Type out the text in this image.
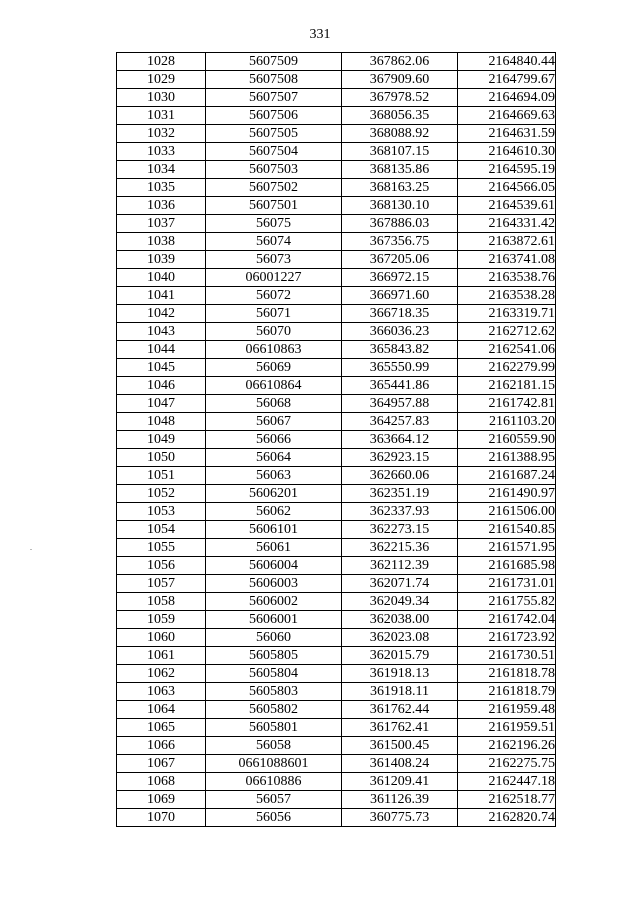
331
1028	5607509	367862.06	2164840.44
1029	5607508	367909.60	2164799.67
1030	5607507	367978.52	2164694.09
1031	5607506	368056.35	2164669.63
1032	5607505	368088.92	2164631.59
1033	5607504	368107.15	2164610.30
1034	5607503	368135.86	2164595.19
1035	5607502	368163.25	2164566.05
1036	5607501	368130.10	2164539.61
1037	56075	367886.03	2164331.42
1038	56074	367356.75	2163872.61
1039	56073	367205.06	2163741.08
1040	06001227	366972.15	2163538.76
1041	56072	366971.60	2163538.28
1042	56071	366718.35	2163319.71
1043	56070	366036.23	2162712.62
1044	06610863	365843.82	2162541.06
1045	56069	365550.99	2162279.99
1046	06610864	365441.86	2162181.15
1047	56068	364957.88	2161742.81
1048	56067	364257.83	2161103.20
1049	56066	363664.12	2160559.90
1050	56064	362923.15	2161388.95
1051	56063	362660.06	2161687.24
1052	5606201	362351.19	2161490.97
1053	56062	362337.93	2161506.00
1054	5606101	362273.15	2161540.85
1055	56061	362215.36	2161571.95
1056	5606004	362112.39	2161685.98
1057	5606003	362071.74	2161731.01
1058	5606002	362049.34	2161755.82
1059	5606001	362038.00	2161742.04
1060	56060	362023.08	2161723.92
1061	5605805	362015.79	2161730.51
1062	5605804	361918.13	2161818.78
1063	5605803	361918.11	2161818.79
1064	5605802	361762.44	2161959.48
1065	5605801	361762.41	2161959.51
1066	56058	361500.45	2162196.26
1067	0661088601	361408.24	2162275.75
1068	06610886	361209.41	2162447.18
1069	56057	361126.39	2162518.77
1070	56056	360775.73	2162820.74
